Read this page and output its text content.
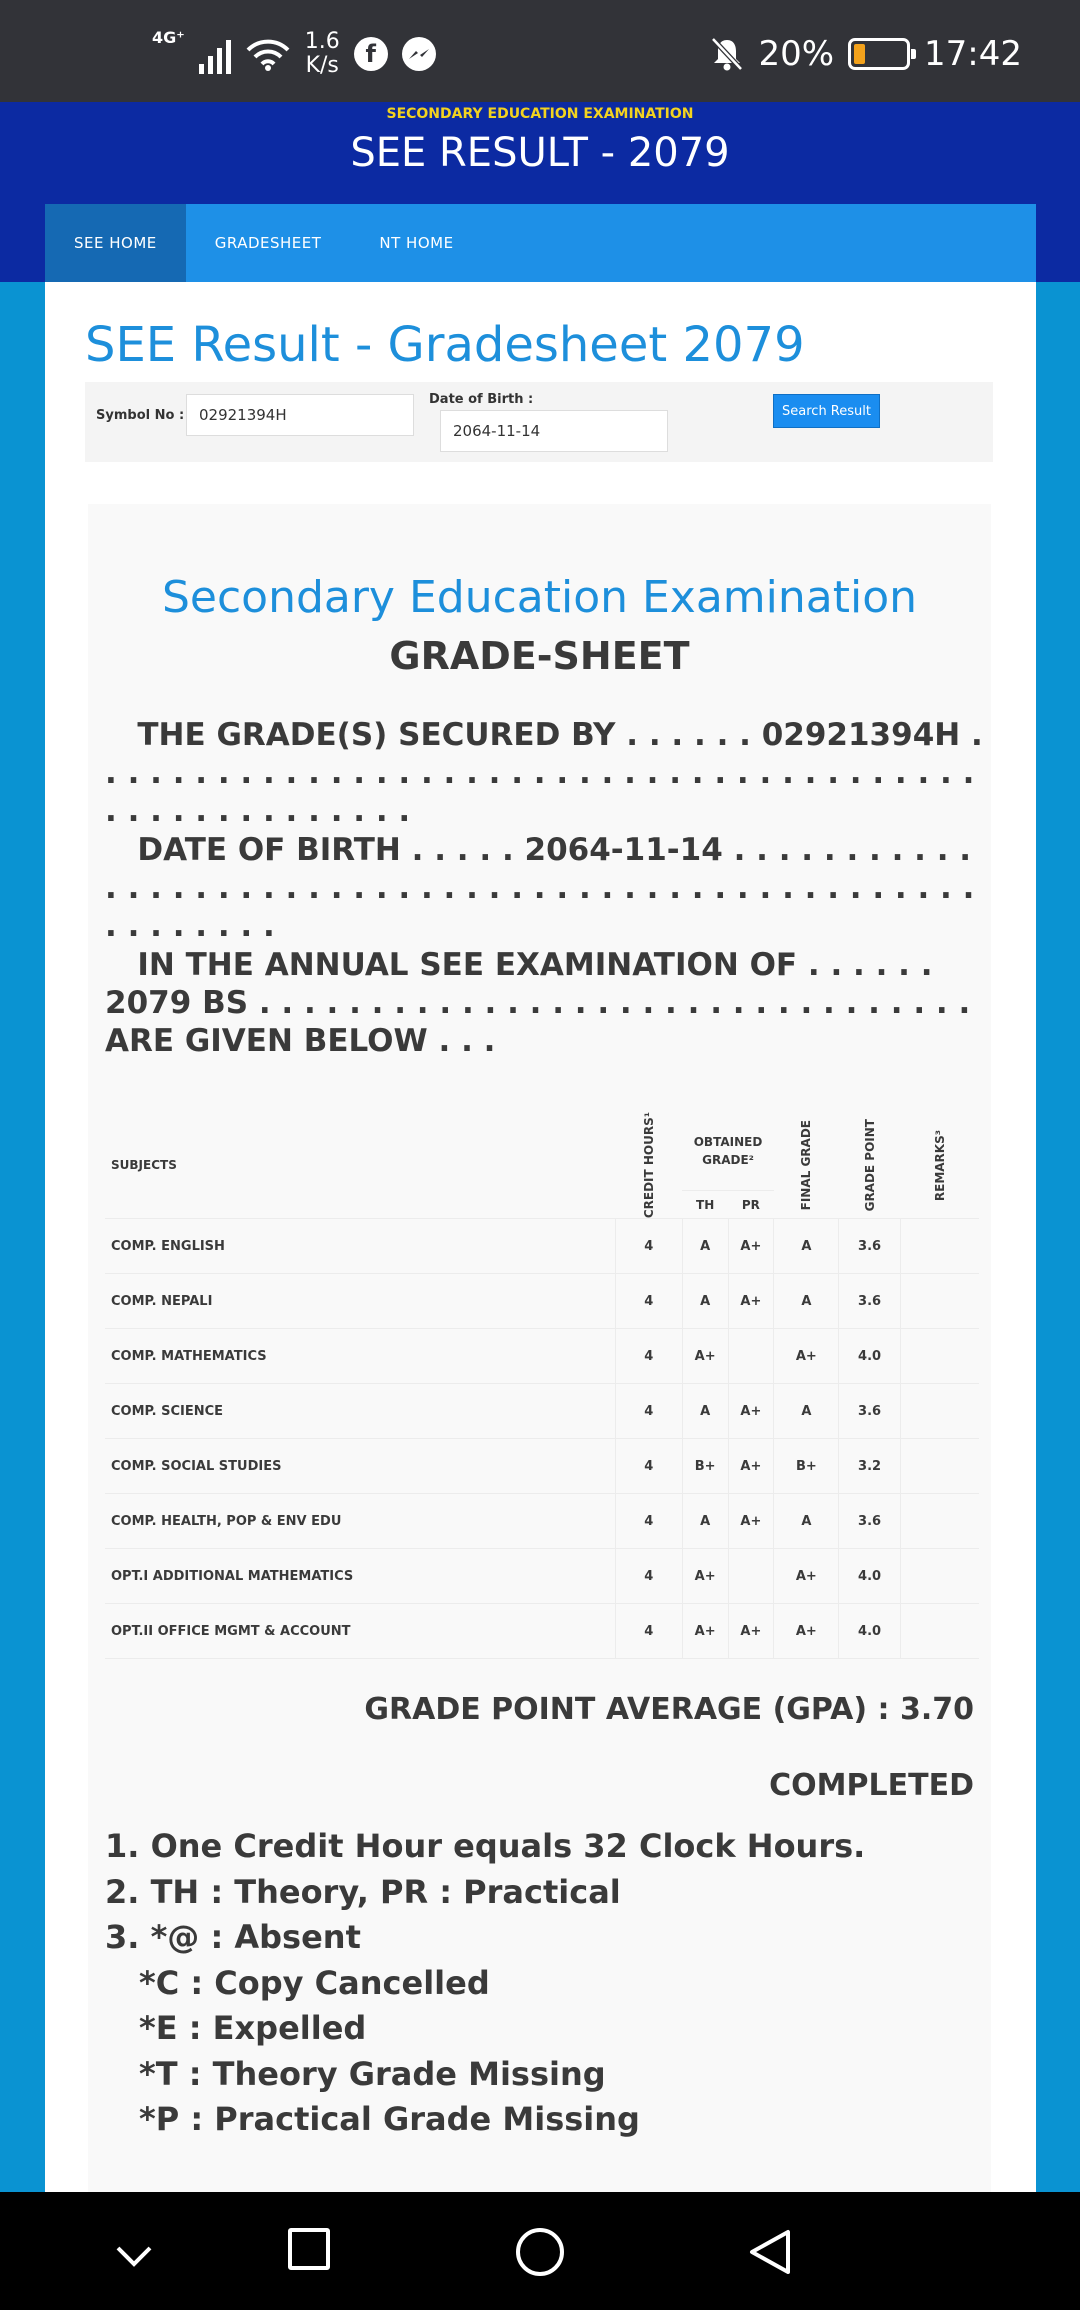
4G⁺	1.6
K/s	f	20%	17:42
SECONDARY EDUCATION EXAMINATION
SEE RESULT - 2079
SEE HOME	GRADESHEET	NT HOME
SEE Result - Gradesheet 2079
Symbol No :
02921394H
Date of Birth :
2064-11-14
Search Result
Secondary Education Examination
GRADE-SHEET
THE GRADE(S) SECURED BY . . . . . . 02921394H . . . . . . . . . . . . . . . . . . . . . . . . . . . . . . . . . . . . . . . . . . . . . . . . . . . . . .
DATE OF BIRTH . . . . . 2064-11-14 . . . . . . . . . . . . . . . . . . . . . . . . . . . . . . . . . . . . . . . . . . . . . . . . . . . . . . . . . .
IN THE ANNUAL SEE EXAMINATION OF . . . . . . 2079 BS . . . . . . . . . . . . . . . . . . . . . . . . . . . . . . . . ARE GIVEN BELOW . . .
SUBJECTS	CREDIT HOURS¹	OBTAINED GRADE²		FINAL GRADE	GRADE POINT	REMARKS³

		TH	PR			
COMP. ENGLISH	4	A	A+	A	3.6	
COMP. NEPALI	4	A	A+	A	3.6	
COMP. MATHEMATICS	4	A+		A+	4.0	
COMP. SCIENCE	4	A	A+	A	3.6	
COMP. SOCIAL STUDIES	4	B+	A+	B+	3.2	
COMP. HEALTH, POP & ENV EDU	4	A	A+	A	3.6	
OPT.I ADDITIONAL MATHEMATICS	4	A+		A+	4.0	
OPT.II OFFICE MGMT & ACCOUNT	4	A+	A+	A+	4.0	
GRADE POINT AVERAGE (GPA) : 3.70
COMPLETED
1. One Credit Hour equals 32 Clock Hours.
2. TH : Theory, PR : Practical
3. *@ : Absent
*C : Copy Cancelled
*E : Expelled
*T : Theory Grade Missing
*P : Practical Grade Missing
